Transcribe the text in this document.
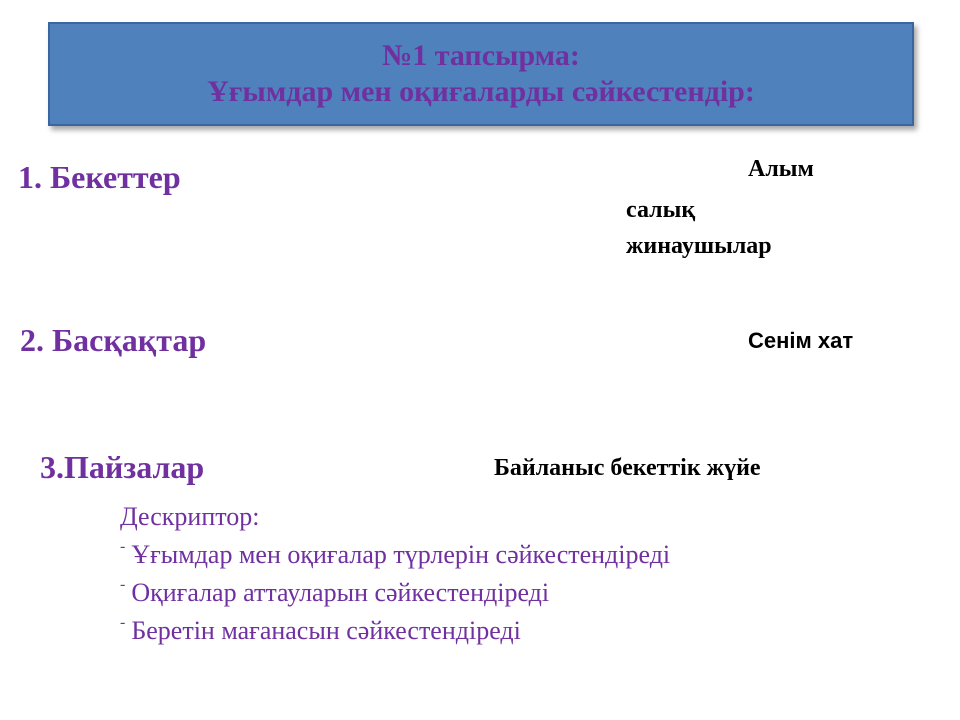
№1 тапсырма:
Ұғымдар мен оқиғаларды сәйкестендір:
1. Бекеттер
2. Басқақтар
3.Пайзалар
Алым
салық
жинаушылар
Сенім хат
Байланыс бекеттік жүйе
Дескриптор:
- Ұғымдар мен оқиғалар түрлерін сәйкестендіреді
- Оқиғалар аттауларын сәйкестендіреді
- Беретін мағанасын сәйкестендіреді
